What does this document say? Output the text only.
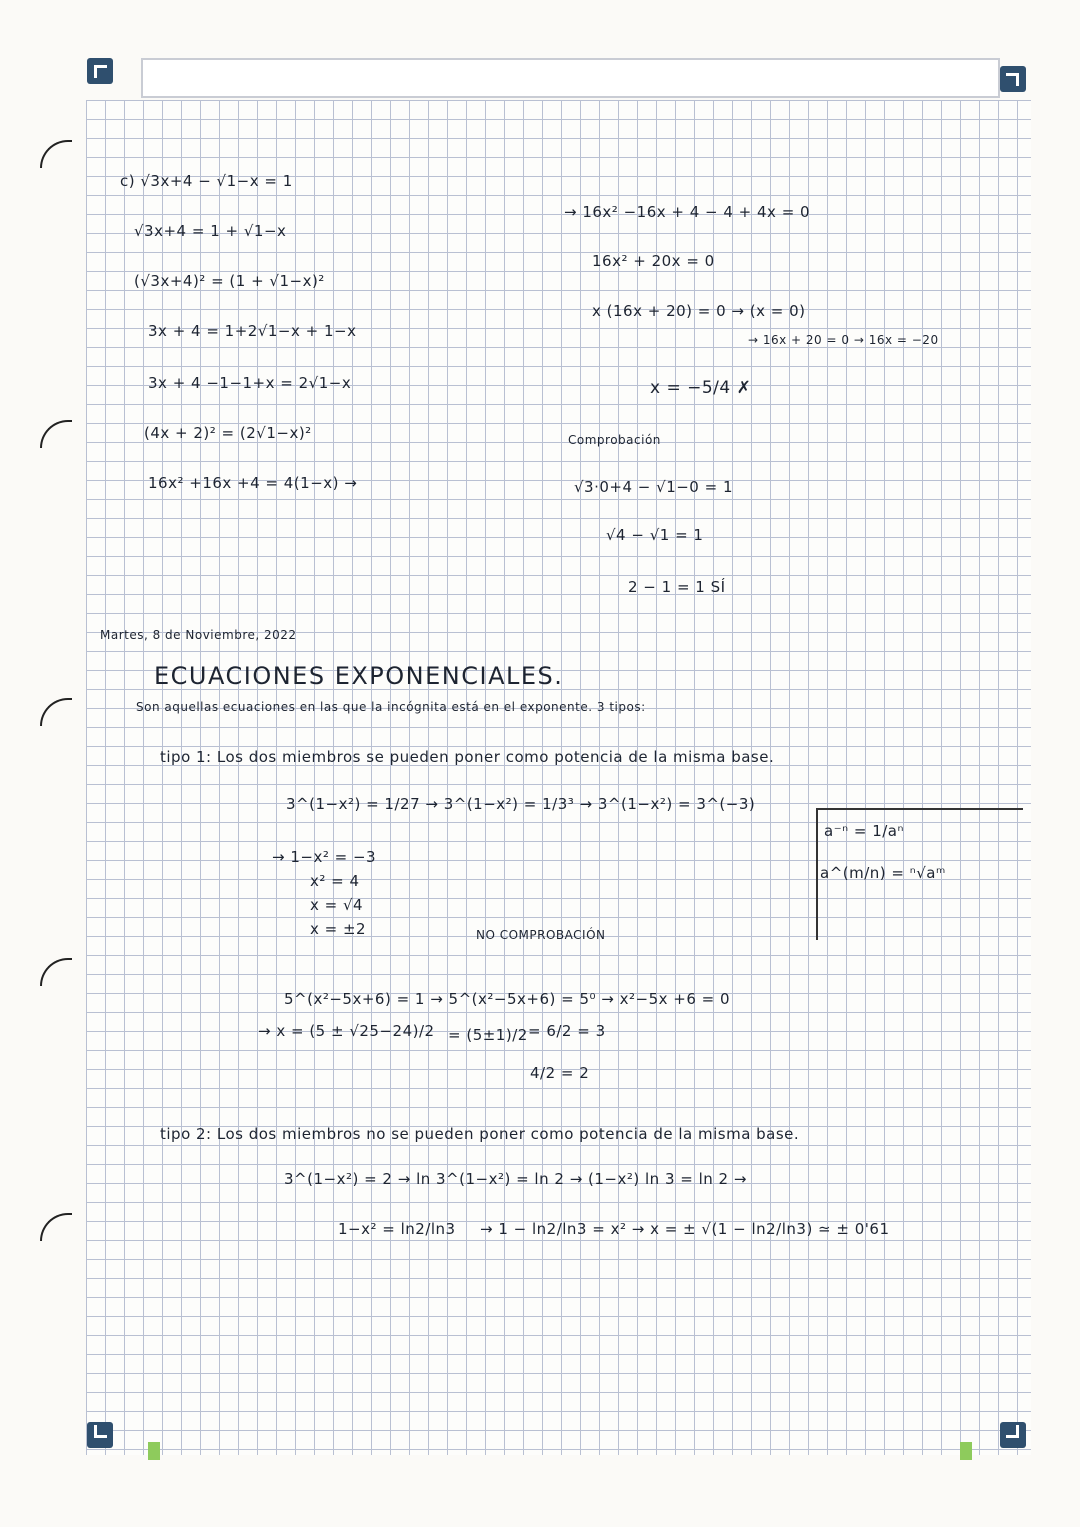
c) √3x+4 − √1−x = 1
√3x+4 = 1 + √1−x
(√3x+4)² = (1 + √1−x)²
3x + 4 = 1+2√1−x + 1−x
3x + 4 −1−1+x = 2√1−x
(4x + 2)² = (2√1−x)²
16x² +16x +4 = 4(1−x) →
→ 16x² −16x + 4 − 4 + 4x = 0
16x² + 20x = 0
x (16x + 20) = 0 → (x = 0)
→ 16x + 20 = 0 → 16x = −20
x = −5/4 ✗
Comprobación
√3·0+4 − √1−0 = 1
√4 − √1 = 1
2 − 1 = 1 SÍ
Martes, 8 de Noviembre, 2022
ECUACIONES EXPONENCIALES.
Son aquellas ecuaciones en las que la incógnita está en el exponente. 3 tipos:
tipo 1: Los dos miembros se pueden poner como potencia de la misma base.
3^(1−x²) = 1/27 → 3^(1−x²) = 1/3³ → 3^(1−x²) = 3^(−3)
→ 1−x² = −3
x² = 4
x = √4
x = ±2	NO COMPROBACIÓN
a⁻ⁿ = 1/aⁿ
a^(m/n) = ⁿ√aᵐ
5^(x²−5x+6) = 1 → 5^(x²−5x+6) = 5⁰ → x²−5x +6 = 0
→ x = (5 ± √25−24)/2 = (5±1)/2 = 6/2 = 3
4/2 = 2
tipo 2: Los dos miembros no se pueden poner como potencia de la misma base.
3^(1−x²) = 2 → ln 3^(1−x²) = ln 2 → (1−x²) ln 3 = ln 2 →
1−x² = ln2/ln3 → 1 − ln2/ln3 = x² → x = ± √(1 − ln2/ln3) ≃ ± 0'61
